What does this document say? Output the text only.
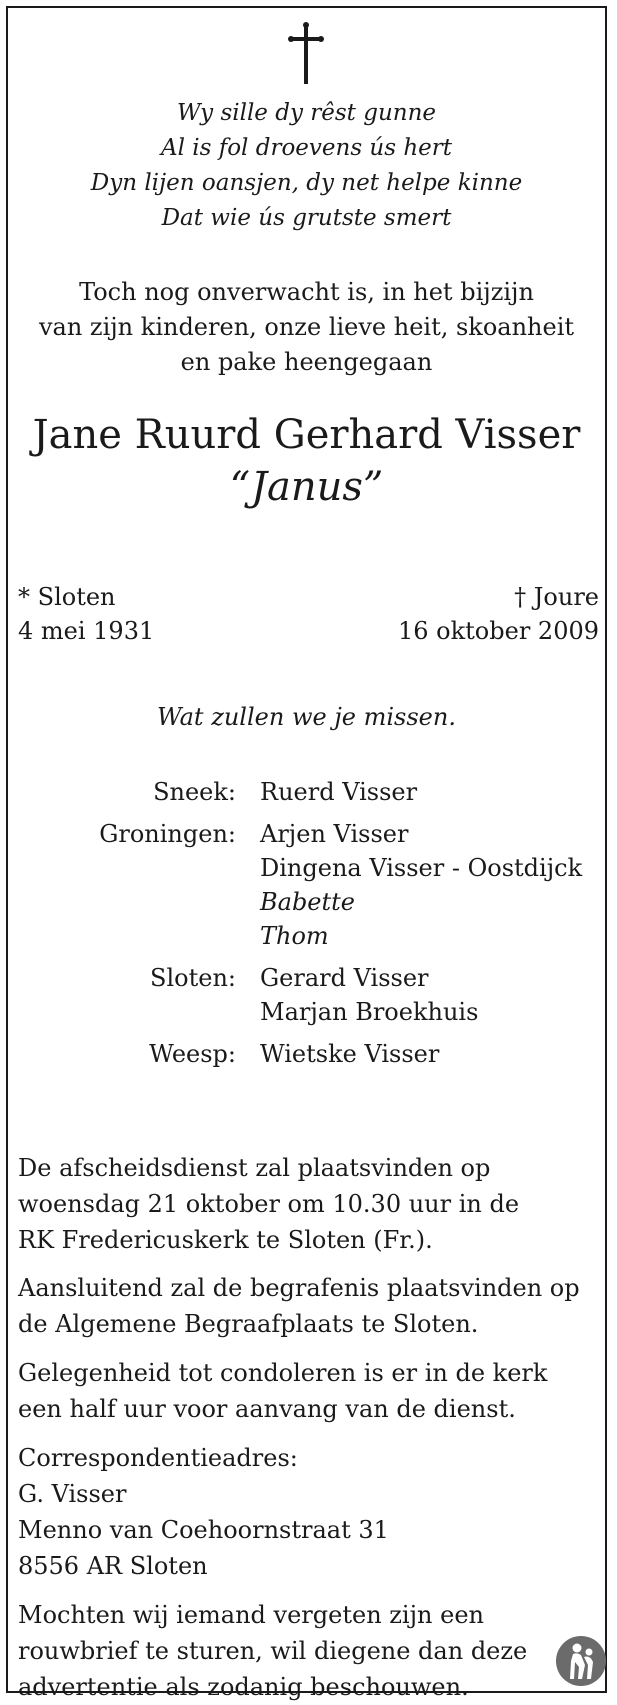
Wy sille dy rêst gunne
Al is fol droevens ús hert
Dyn lijen oansjen, dy net helpe kinne
Dat wie ús grutste smert
Toch nog onverwacht is, in het bijzijn
van zijn kinderen, onze lieve heit, skoanheit
en pake heengegaan
Jane Ruurd Gerhard Visser
“Janus”
* Sloten
4 mei 1931
† Joure
16 oktober 2009
Wat zullen we je missen.
Sneek: Ruerd Visser
Groningen: Arjen Visser
Dingena Visser - Oostdijck
Babette
Thom
Sloten: Gerard Visser
Marjan Broekhuis
Weesp: Wietske Visser
De afscheidsdienst zal plaatsvinden op
woensdag 21 oktober om 10.30 uur in de
RK Fredericuskerk te Sloten (Fr.).
Aansluitend zal de begrafenis plaatsvinden op
de Algemene Begraafplaats te Sloten.
Gelegenheid tot condoleren is er in de kerk
een half uur voor aanvang van de dienst.
Correspondentieadres:
G. Visser
Menno van Coehoornstraat 31
8556 AR Sloten
Mochten wij iemand vergeten zijn een
rouwbrief te sturen, wil diegene dan deze
advertentie als zodanig beschouwen.
